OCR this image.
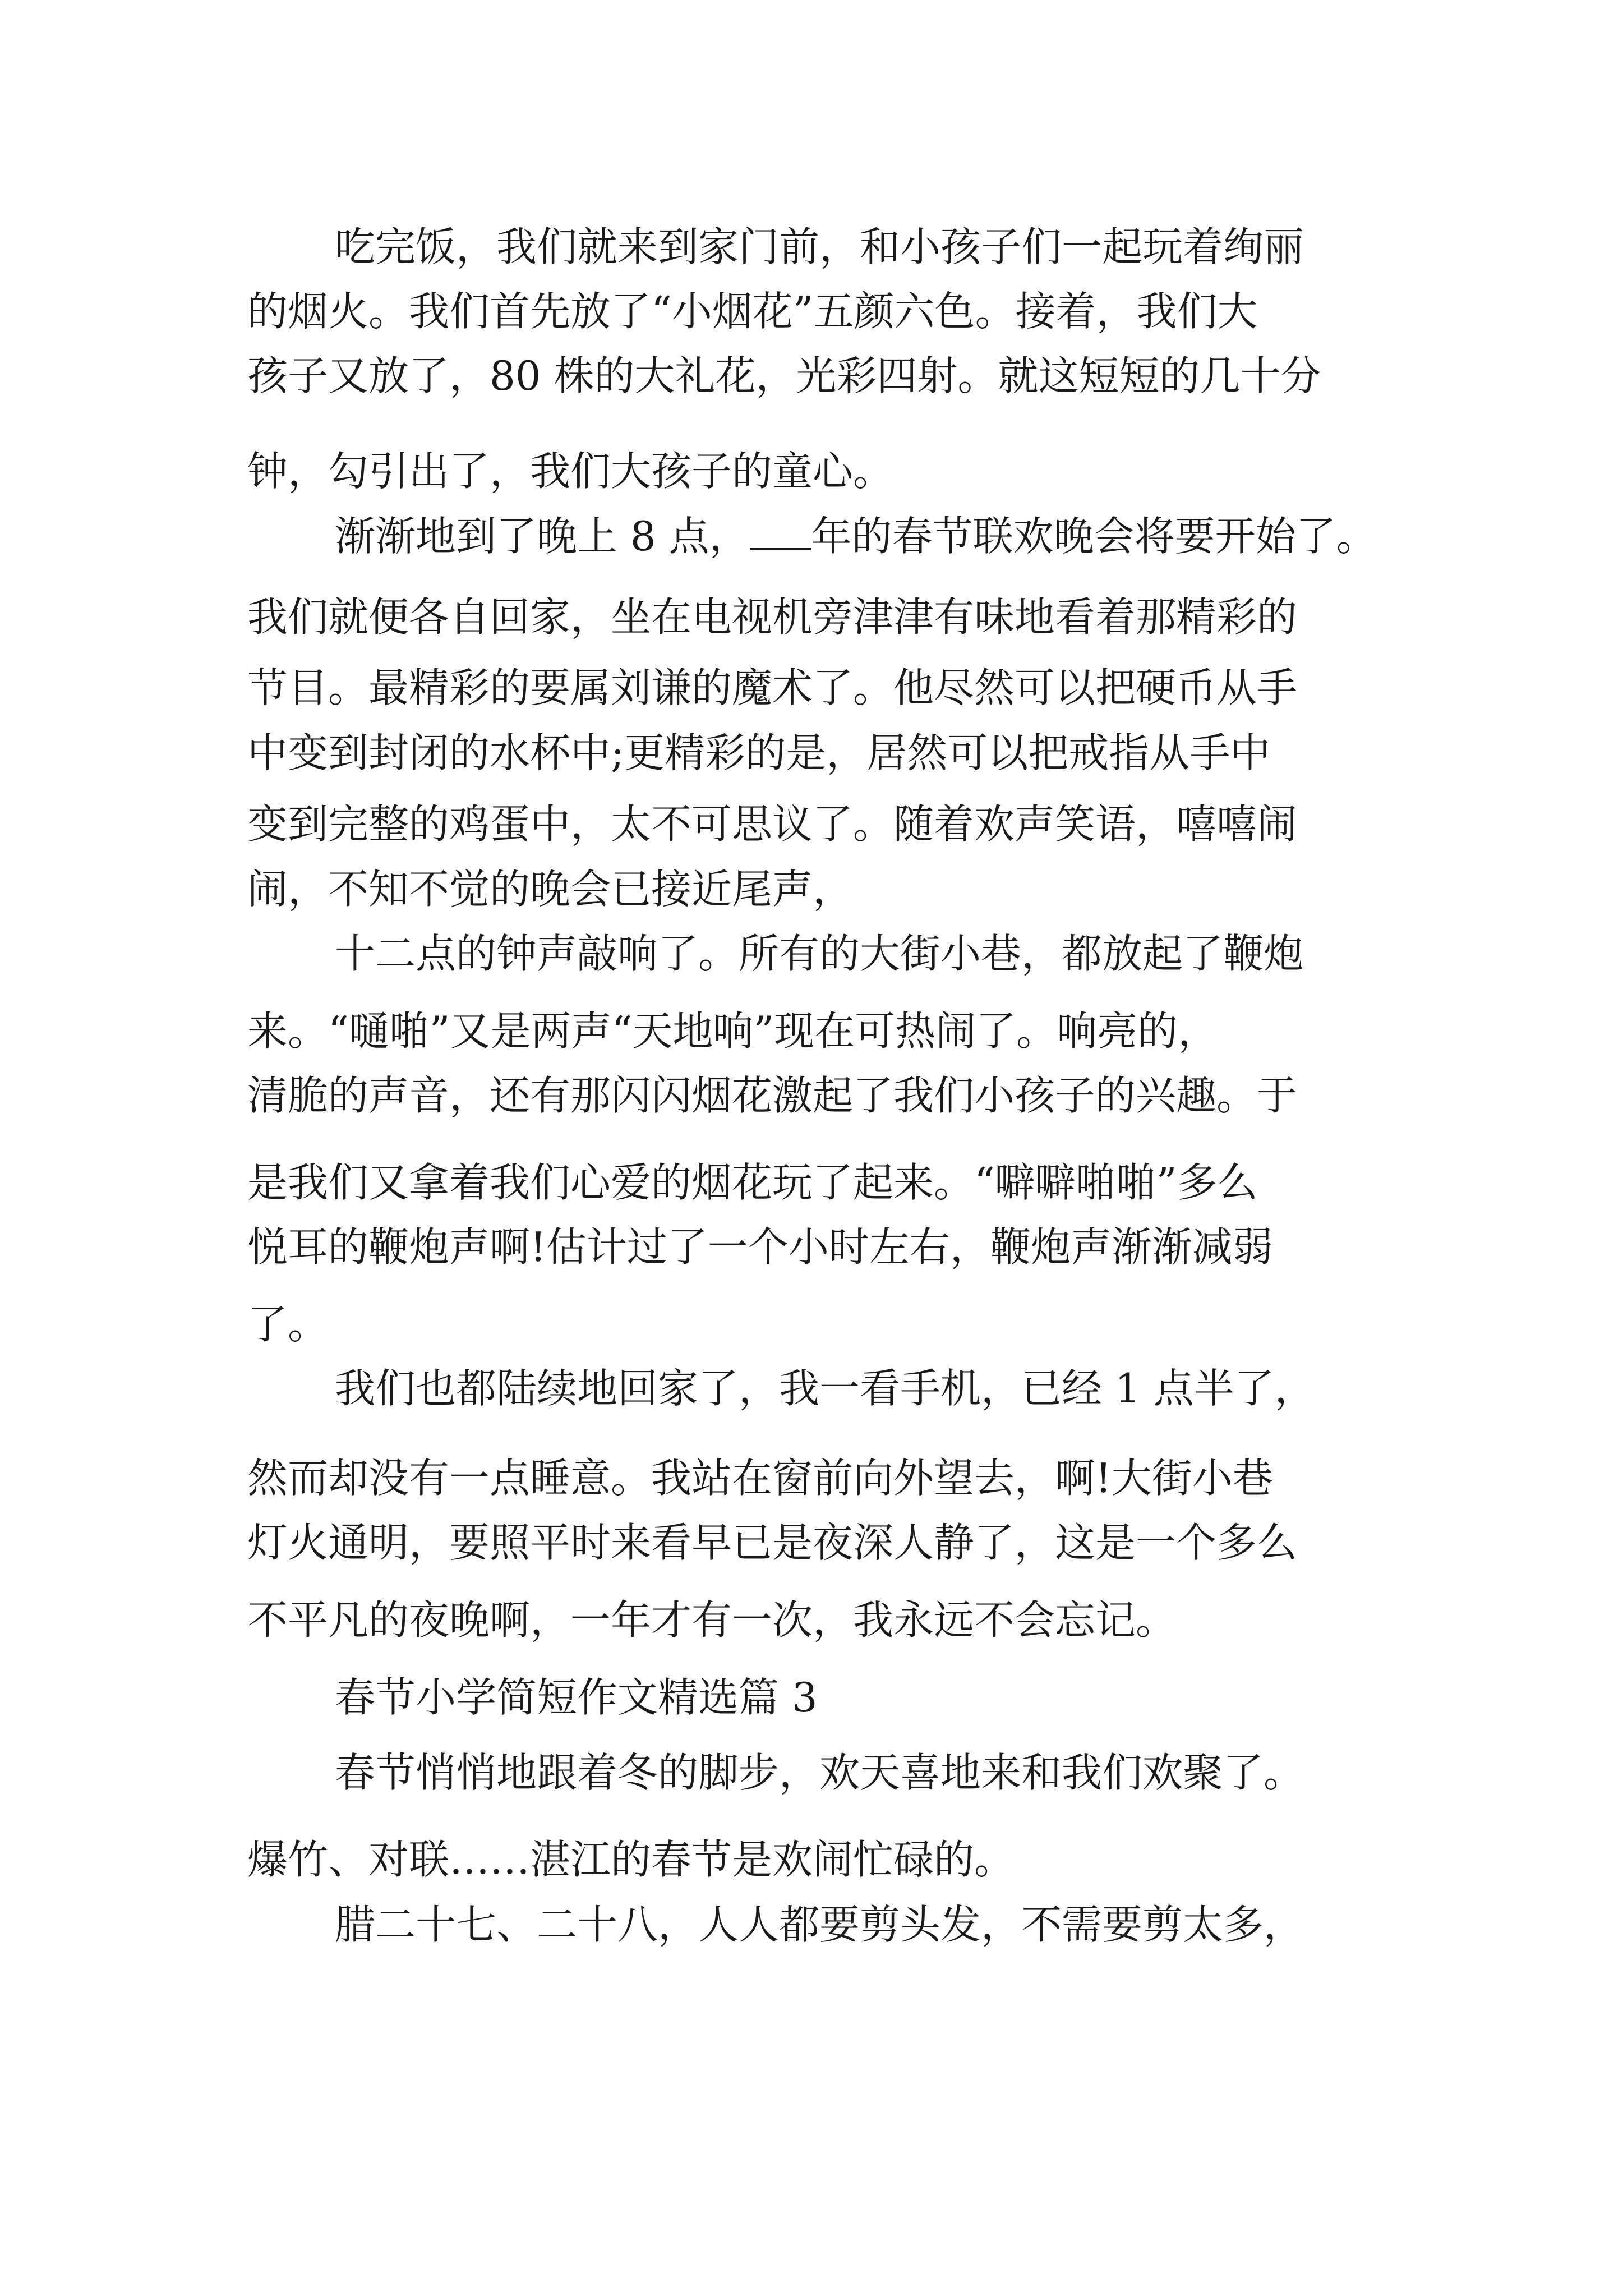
吃完饭，我们就来到家门前，和小孩子们一起玩着绚丽

的烟火。我们首先放了“小烟花”五颜六色。接着，我们大

孩子又放了，80 株的大礼花，光彩四射。就这短短的几十分

钟，勾引出了，我们大孩子的童心。

渐渐地到了晚上 8 点， 年的春节联欢晚会将要开始了。

我们就便各自回家，坐在电视机旁津津有味地看着那精彩的

节目。最精彩的要属刘谦的魔术了。他尽然可以把硬币从手

中变到封闭的水杯中;更精彩的是，居然可以把戒指从手中

变到完整的鸡蛋中，太不可思议了。随着欢声笑语，嘻嘻闹

闹，不知不觉的晚会已接近尾声，

十二点的钟声敲响了。所有的大街小巷，都放起了鞭炮

来。“嗵啪”又是两声“天地响”现在可热闹了。响亮的，

清脆的声音，还有那闪闪烟花激起了我们小孩子的兴趣。于

是我们又拿着我们心爱的烟花玩了起来。“噼噼啪啪”多么

悦耳的鞭炮声啊!估计过了一个小时左右，鞭炮声渐渐减弱

了。

我们也都陆续地回家了，我一看手机，已经 1 点半了，

然而却没有一点睡意。我站在窗前向外望去，啊!大街小巷

灯火通明，要照平时来看早已是夜深人静了，这是一个多么

不平凡的夜晚啊，一年才有一次，我永远不会忘记。

春节小学简短作文精选篇 3

春节悄悄地跟着冬的脚步，欢天喜地来和我们欢聚了。

爆竹、对联……湛江的春节是欢闹忙碌的。

腊二十七、二十八，人人都要剪头发，不需要剪太多，
